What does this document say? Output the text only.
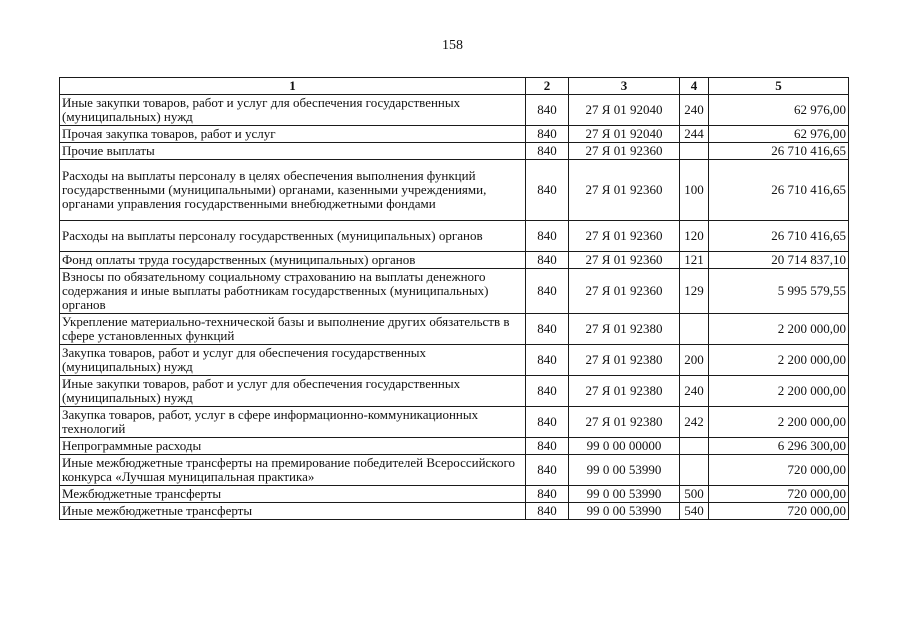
158
1	2	3	4	5
Иные закупки товаров, работ и услуг для обеспечения государственных (муниципальных) нужд	840	27 Я 01 92040	240	62 976,00
Прочая закупка товаров, работ и услуг	840	27 Я 01 92040	244	62 976,00
Прочие выплаты	840	27 Я 01 92360		26 710 416,65
Расходы на выплаты персоналу в целях обеспечения выполнения функций государственными (муниципальными) органами, казенными учреждениями, органами управления государственными внебюджетными фондами	840	27 Я 01 92360	100	26 710 416,65
Расходы на выплаты персоналу государственных (муниципальных) органов	840	27 Я 01 92360	120	26 710 416,65
Фонд оплаты труда государственных (муниципальных) органов	840	27 Я 01 92360	121	20 714 837,10
Взносы по обязательному социальному страхованию на выплаты денежного содержания и иные выплаты работникам государственных (муниципальных) органов	840	27 Я 01 92360	129	5 995 579,55
Укрепление материально-технической базы и выполнение других обязательств в сфере установленных функций	840	27 Я 01 92380		2 200 000,00
Закупка товаров, работ и услуг для обеспечения государственных (муниципальных) нужд	840	27 Я 01 92380	200	2 200 000,00
Иные закупки товаров, работ и услуг для обеспечения государственных (муниципальных) нужд	840	27 Я 01 92380	240	2 200 000,00
Закупка товаров, работ, услуг в сфере информационно-коммуникационных технологий	840	27 Я 01 92380	242	2 200 000,00
Непрограммные расходы	840	99 0 00 00000		6 296 300,00
Иные межбюджетные трансферты на премирование победителей Всероссийского конкурса «Лучшая муниципальная практика»	840	99 0 00 53990		720 000,00
Межбюджетные трансферты	840	99 0 00 53990	500	720 000,00
Иные межбюджетные трансферты	840	99 0 00 53990	540	720 000,00
